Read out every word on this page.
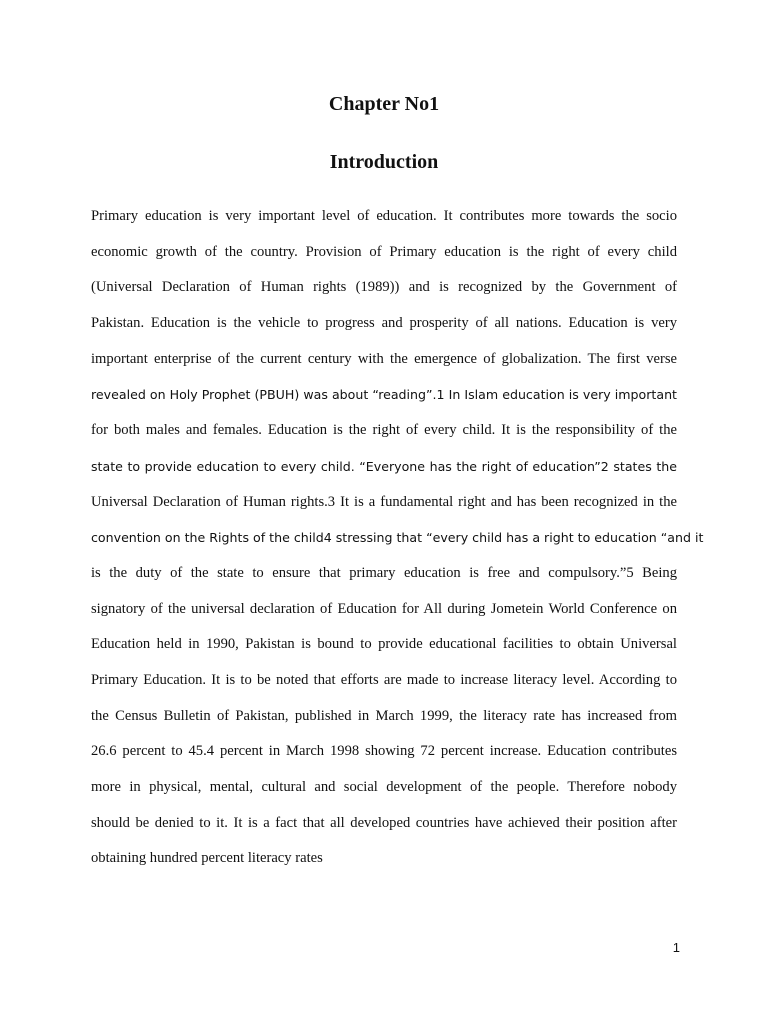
Chapter No1
Introduction
Primary education is very important level of education. It contributes more towards the socio
economic growth of the country. Provision of Primary education is the right of every child
(Universal Declaration of Human rights (1989)) and is recognized by the Government of
Pakistan. Education is the vehicle to progress and prosperity of all nations. Education is very
important enterprise of the current century with the emergence of globalization. The first verse
revealed on Holy Prophet (PBUH) was about “reading”.1 In Islam education is very important
for both males and females. Education is the right of every child. It is the responsibility of the
state to provide education to every child. “Everyone has the right of education”2 states the
Universal Declaration of Human rights.3 It is a fundamental right and has been recognized in the
convention on the Rights of the child4 stressing that “every child has a right to education “and it
is the duty of the state to ensure that primary education is free and compulsory.”5 Being
signatory of the universal declaration of Education for All during Jometein World Conference on
Education held in 1990, Pakistan is bound to provide educational facilities to obtain Universal
Primary Education. It is to be noted that efforts are made to increase literacy level. According to
the Census Bulletin of Pakistan, published in March 1999, the literacy rate has increased from
26.6 percent to 45.4 percent in March 1998 showing 72 percent increase. Education contributes
more in physical, mental, cultural and social development of the people. Therefore nobody
should be denied to it. It is a fact that all developed countries have achieved their position after
obtaining hundred percent literacy rates
1
